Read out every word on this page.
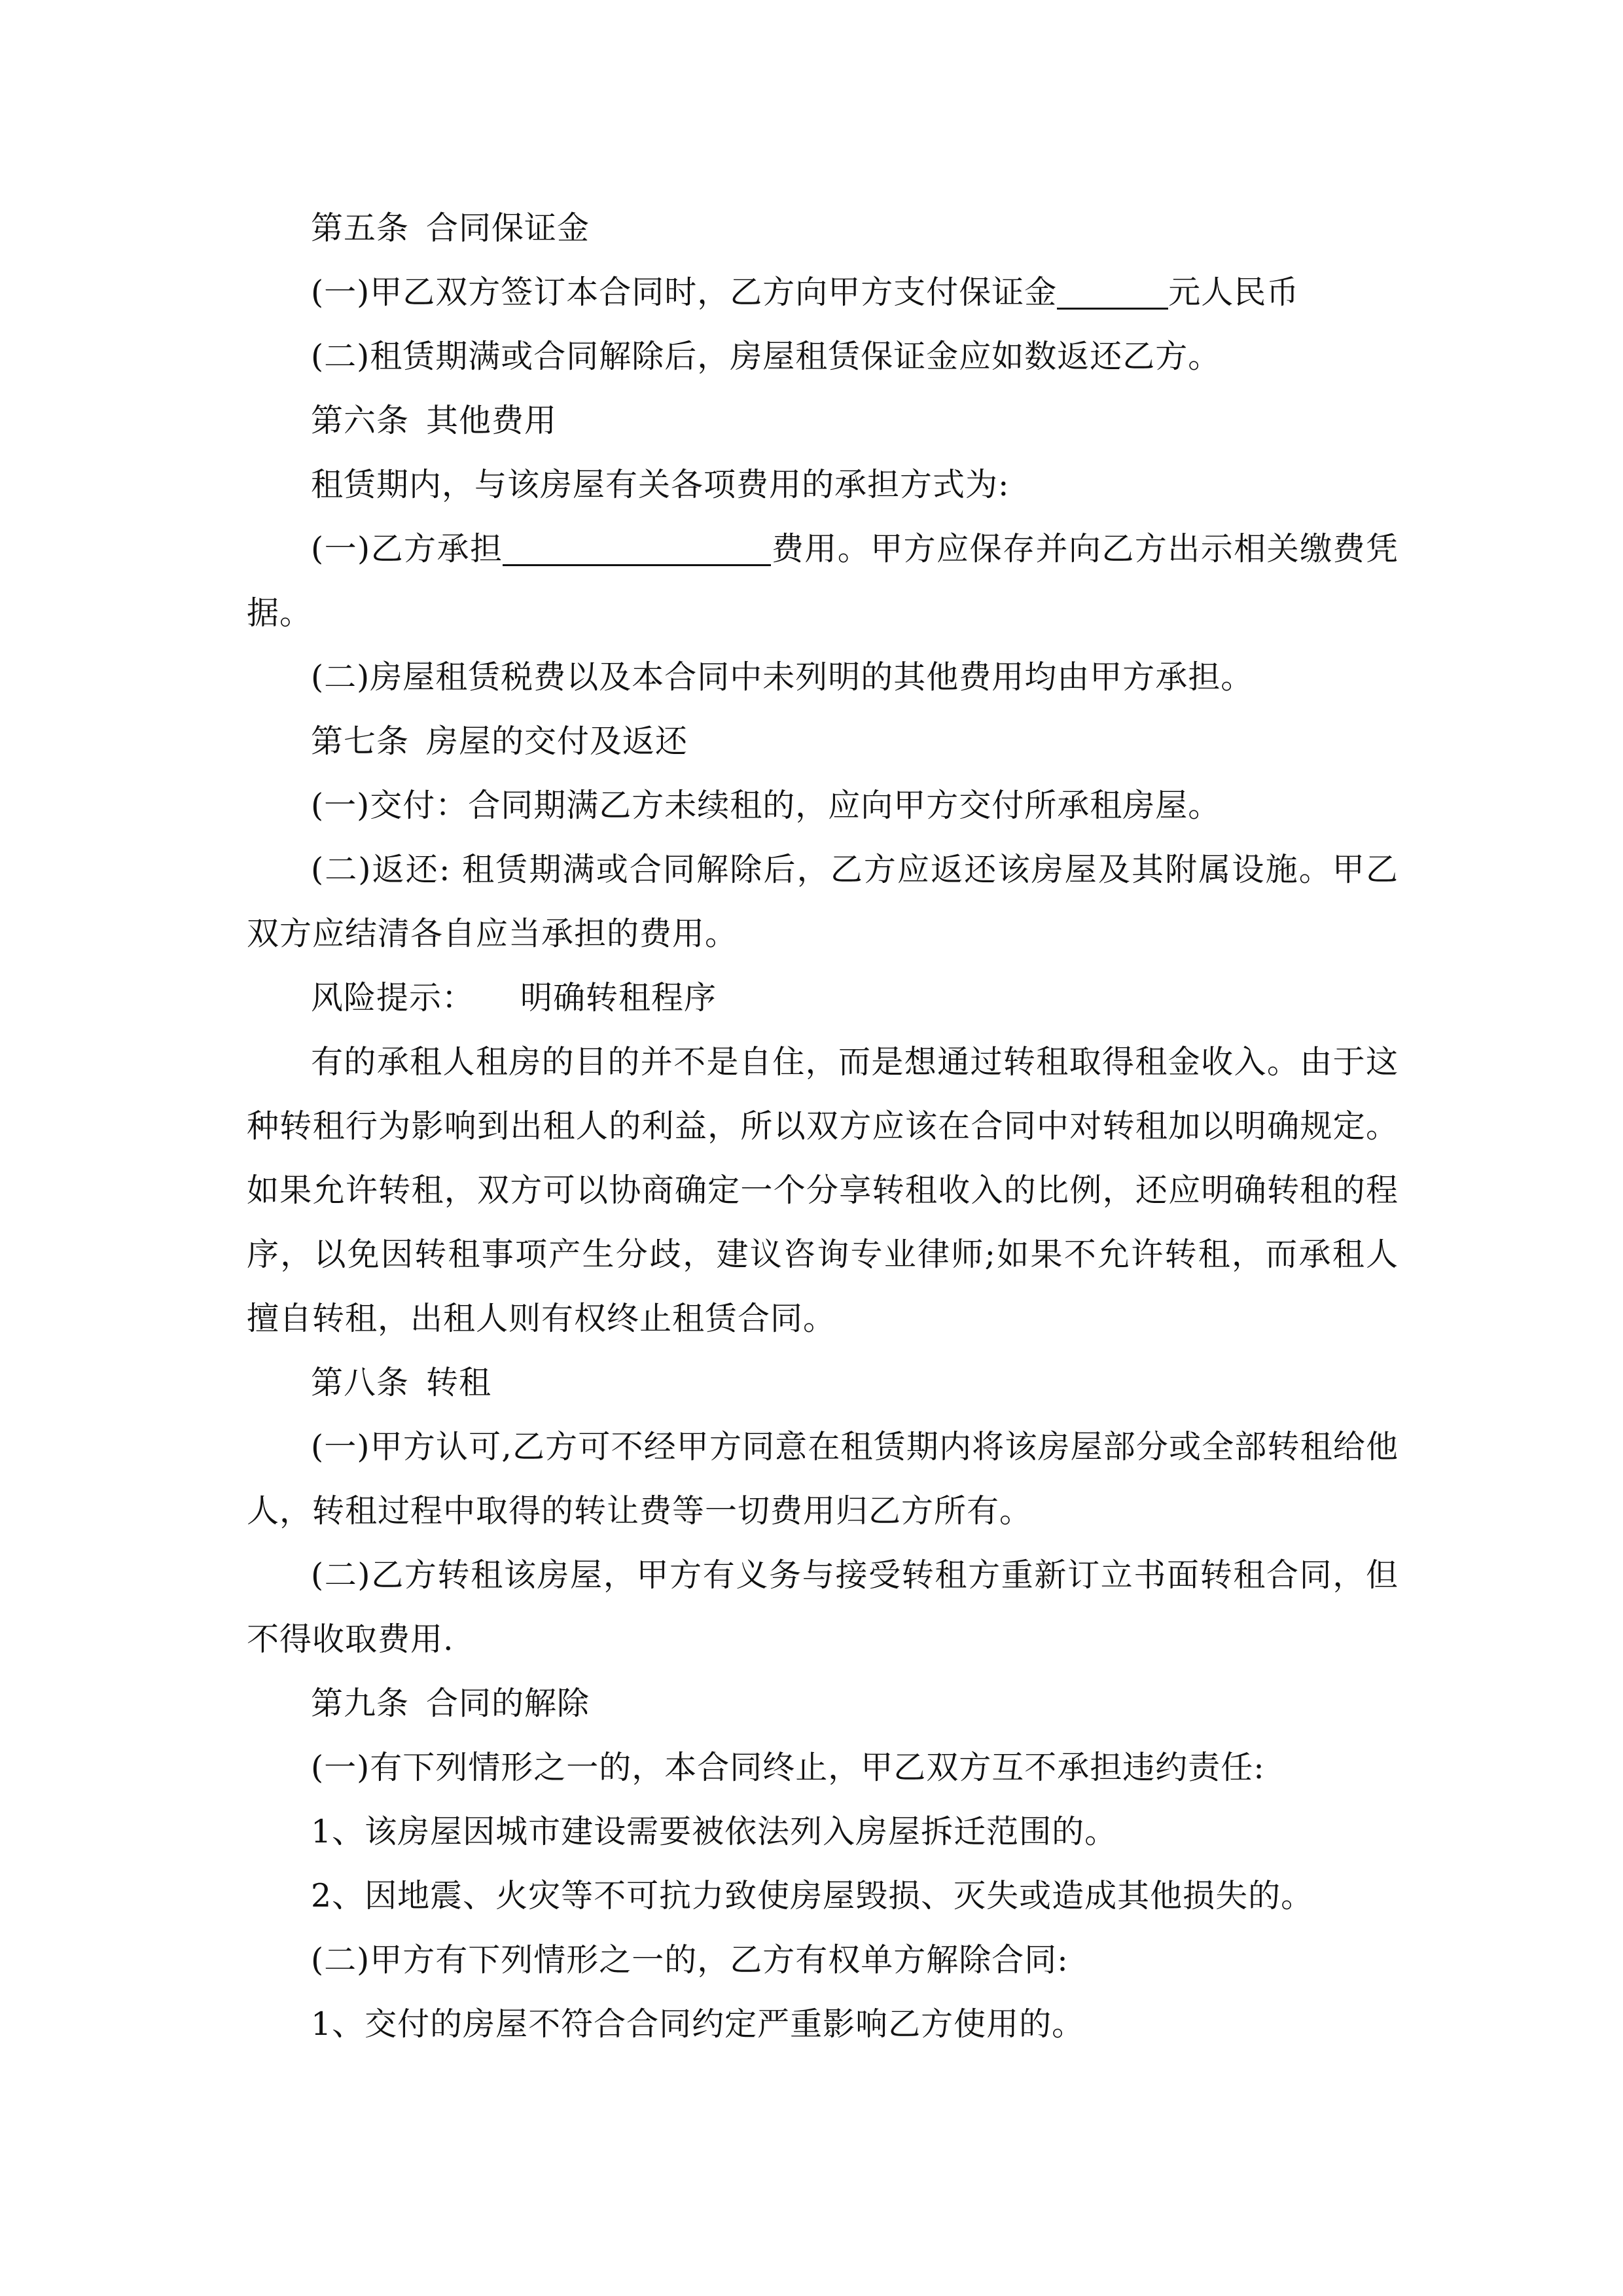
第五条 合同保证金

(一)甲乙双方签订本合同时，乙方向甲方支付保证金	元人民币

(二)租赁期满或合同解除后，房屋租赁保证金应如数返还乙方。

第六条 其他费用

租赁期内，与该房屋有关各项费用的承担方式为:

(一)乙方承担	费用。甲方应保存并向乙方出示相关缴费凭据。

(二)房屋租赁税费以及本合同中未列明的其他费用均由甲方承担。

第七条 房屋的交付及返还

(一)交付：合同期满乙方未续租的，应向甲方交付所承租房屋。

(二)返还: 租赁期满或合同解除后，乙方应返还该房屋及其附属设施。甲乙双方应结清各自应当承担的费用。

风险提示： 明确转租程序

有的承租人租房的目的并不是自住，而是想通过转租取得租金收入。由于这种转租行为影响到出租人的利益，所以双方应该在合同中对转租加以明确规定。如果允许转租，双方可以协商确定一个分享转租收入的比例，还应明确转租的程序，以免因转租事项产生分歧，建议咨询专业律师;如果不允许转租，而承租人擅自转租，出租人则有权终止租赁合同。

第八条 转租

(一)甲方认可,乙方可不经甲方同意在租赁期内将该房屋部分或全部转租给他人，转租过程中取得的转让费等一切费用归乙方所有。

(二)乙方转租该房屋，甲方有义务与接受转租方重新订立书面转租合同，但不得收取费用.

第九条 合同的解除

(一)有下列情形之一的，本合同终止，甲乙双方互不承担违约责任:

1、该房屋因城市建设需要被依法列入房屋拆迁范围的。

2、因地震、火灾等不可抗力致使房屋毁损、灭失或造成其他损失的。

(二)甲方有下列情形之一的，乙方有权单方解除合同:

1、交付的房屋不符合合同约定严重影响乙方使用的。
